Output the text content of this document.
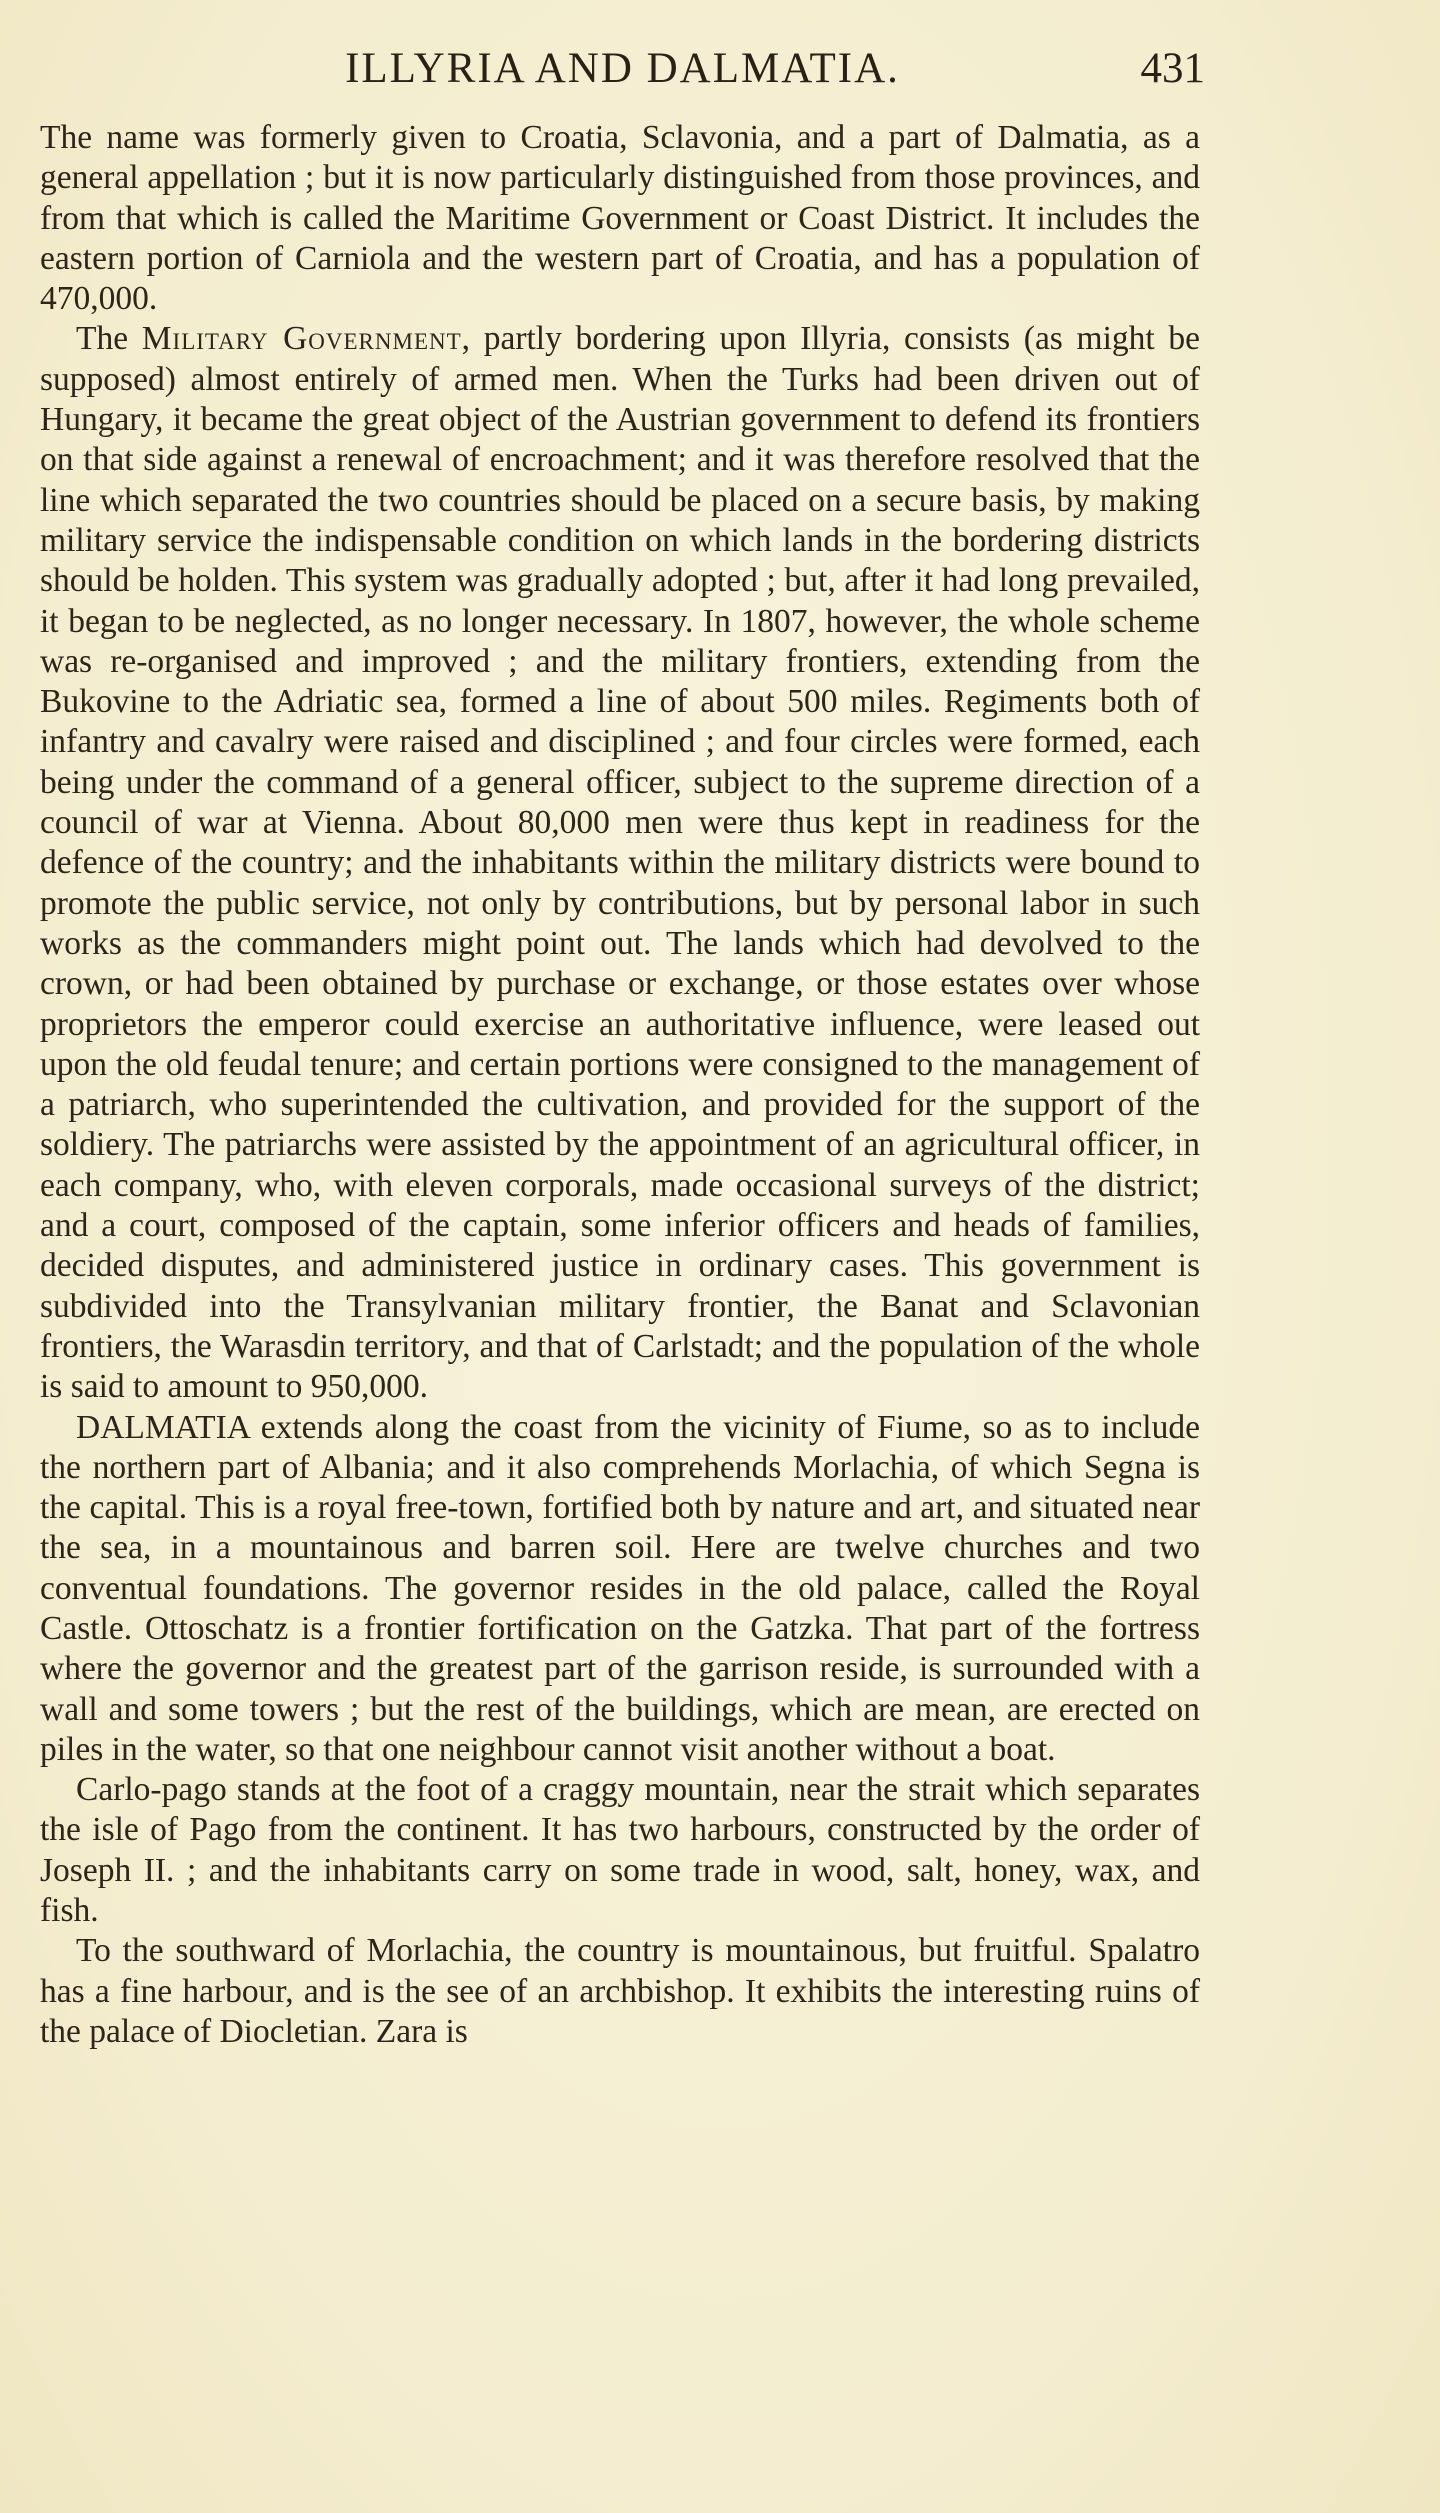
ILLYRIA AND DALMATIA.	431

The name was formerly given to Croatia, Sclavonia, and a part of Dalmatia, as a general appellation ; but it is now particularly distinguished from those provinces, and from that which is called the Maritime Government or Coast District. It includes the eastern portion of Carniola and the western part of Croatia, and has a population of 470,000.

The Military Government, partly bordering upon Illyria, consists (as might be supposed) almost entirely of armed men. When the Turks had been driven out of Hungary, it became the great object of the Austrian government to defend its frontiers on that side against a renewal of encroachment; and it was therefore resolved that the line which separated the two countries should be placed on a secure basis, by making military service the indispensable condition on which lands in the bordering districts should be holden. This system was gradually adopted ; but, after it had long prevailed, it began to be neglected, as no longer necessary. In 1807, however, the whole scheme was re-organised and improved ; and the military frontiers, extending from the Bukovine to the Adriatic sea, formed a line of about 500 miles. Regiments both of infantry and cavalry were raised and disciplined ; and four circles were formed, each being under the command of a general officer, subject to the supreme direction of a council of war at Vienna. About 80,000 men were thus kept in readiness for the defence of the country; and the inhabitants within the military districts were bound to promote the public service, not only by contributions, but by personal labor in such works as the commanders might point out. The lands which had devolved to the crown, or had been obtained by purchase or exchange, or those estates over whose proprietors the emperor could exercise an authoritative influence, were leased out upon the old feudal tenure; and certain portions were consigned to the management of a patriarch, who superintended the cultivation, and provided for the support of the soldiery. The patriarchs were assisted by the appointment of an agricultural officer, in each company, who, with eleven corporals, made occasional surveys of the district; and a court, composed of the captain, some inferior officers and heads of families, decided disputes, and administered justice in ordinary cases. This government is subdivided into the Transylvanian military frontier, the Banat and Sclavonian frontiers, the Warasdin territory, and that of Carlstadt; and the population of the whole is said to amount to 950,000.

DALMATIA extends along the coast from the vicinity of Fiume, so as to include the northern part of Albania; and it also comprehends Morlachia, of which Segna is the capital. This is a royal free-town, fortified both by nature and art, and situated near the sea, in a mountainous and barren soil. Here are twelve churches and two conventual foundations. The governor resides in the old palace, called the Royal Castle. Ottoschatz is a frontier fortification on the Gatzka. That part of the fortress where the governor and the greatest part of the garrison reside, is surrounded with a wall and some towers ; but the rest of the buildings, which are mean, are erected on piles in the water, so that one neighbour cannot visit another without a boat.

Carlo-pago stands at the foot of a craggy mountain, near the strait which separates the isle of Pago from the continent. It has two harbours, constructed by the order of Joseph II. ; and the inhabitants carry on some trade in wood, salt, honey, wax, and fish.

To the southward of Morlachia, the country is mountainous, but fruitful. Spalatro has a fine harbour, and is the see of an archbishop. It exhibits the interesting ruins of the palace of Diocletian. Zara is
